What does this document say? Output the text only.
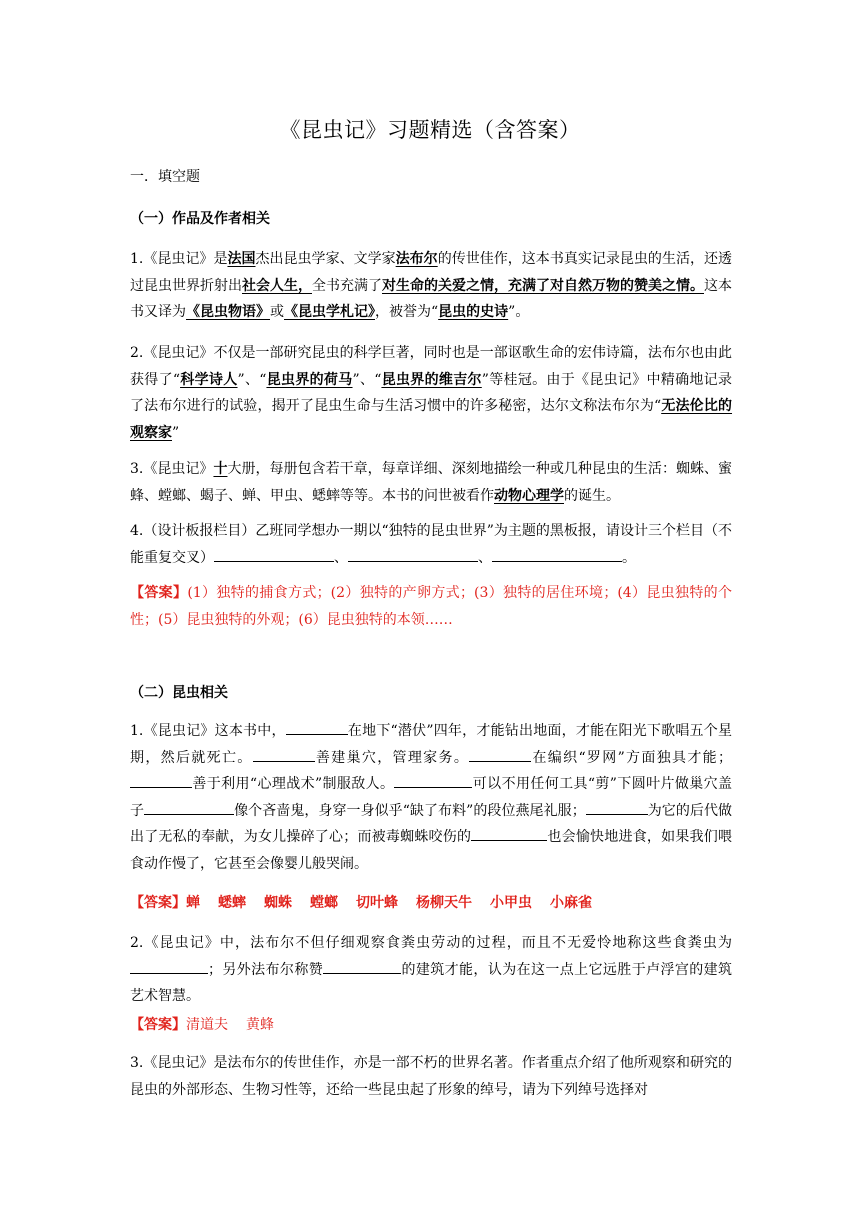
《昆虫记》习题精选（含答案）
一．填空题
（一）作品及作者相关
1.《昆虫记》是法国杰出昆虫学家、文学家法布尔的传世佳作，这本书真实记录昆虫的生活，还透过昆虫世界折射出社会人生，全书充满了对生命的关爱之情，充满了对自然万物的赞美之情。这本书又译为《昆虫物语》或《昆虫学札记》，被誉为“昆虫的史诗”。
2.《昆虫记》不仅是一部研究昆虫的科学巨著，同时也是一部讴歌生命的宏伟诗篇，法布尔也由此获得了“科学诗人”、“昆虫界的荷马”、“昆虫界的维吉尔”等桂冠。由于《昆虫记》中精确地记录了法布尔进行的试验，揭开了昆虫生命与生活习惯中的许多秘密，达尔文称法布尔为“无法伦比的观察家”
3.《昆虫记》十大册，每册包含若干章，每章详细、深刻地描绘一种或几种昆虫的生活：蜘蛛、蜜蜂、螳螂、蝎子、蝉、甲虫、蟋蟀等等。本书的问世被看作动物心理学的诞生。
4.（设计板报栏目）乙班同学想办一期以“独特的昆虫世界”为主题的黑板报，请设计三个栏目（不能重复交叉）	、	、	。
【答案】(1）独特的捕食方式；(2）独特的产卵方式；(3）独特的居住环境；(4）昆虫独特的个性；(5）昆虫独特的外观；(6）昆虫独特的本领……
（二）昆虫相关
1.《昆虫记》这本书中，	在地下“潜伏”四年，才能钻出地面，才能在阳光下歌唱五个星期，然后就死亡。	善建巢穴，管理家务。	在编织“罗网”方面独具才能；善于利用“心理战术”制服敌人。	可以不用任何工具“剪”下圆叶片做巢穴盖子	像个吝啬鬼，身穿一身似乎“缺了布料”的段位燕尾礼服；	为它的后代做出了无私的奉献，为女儿操碎了心；而被毒蜘蛛咬伤的	也会愉快地进食，如果我们喂食动作慢了，它甚至会像婴儿般哭闹。
【答案】蝉 蟋蟀 蜘蛛 螳螂 切叶蜂 杨柳天牛 小甲虫 小麻雀
2.《昆虫记》中，法布尔不但仔细观察食粪虫劳动的过程，而且不无爱怜地称这些食粪虫为；另外法布尔称赞	的建筑才能，认为在这一点上它远胜于卢浮宫的建筑艺术智慧。
【答案】清道夫 黄蜂
3.《昆虫记》是法布尔的传世佳作，亦是一部不朽的世界名著。作者重点介绍了他所观察和研究的昆虫的外部形态、生物习性等，还给一些昆虫起了形象的绰号，请为下列绰号选择对
